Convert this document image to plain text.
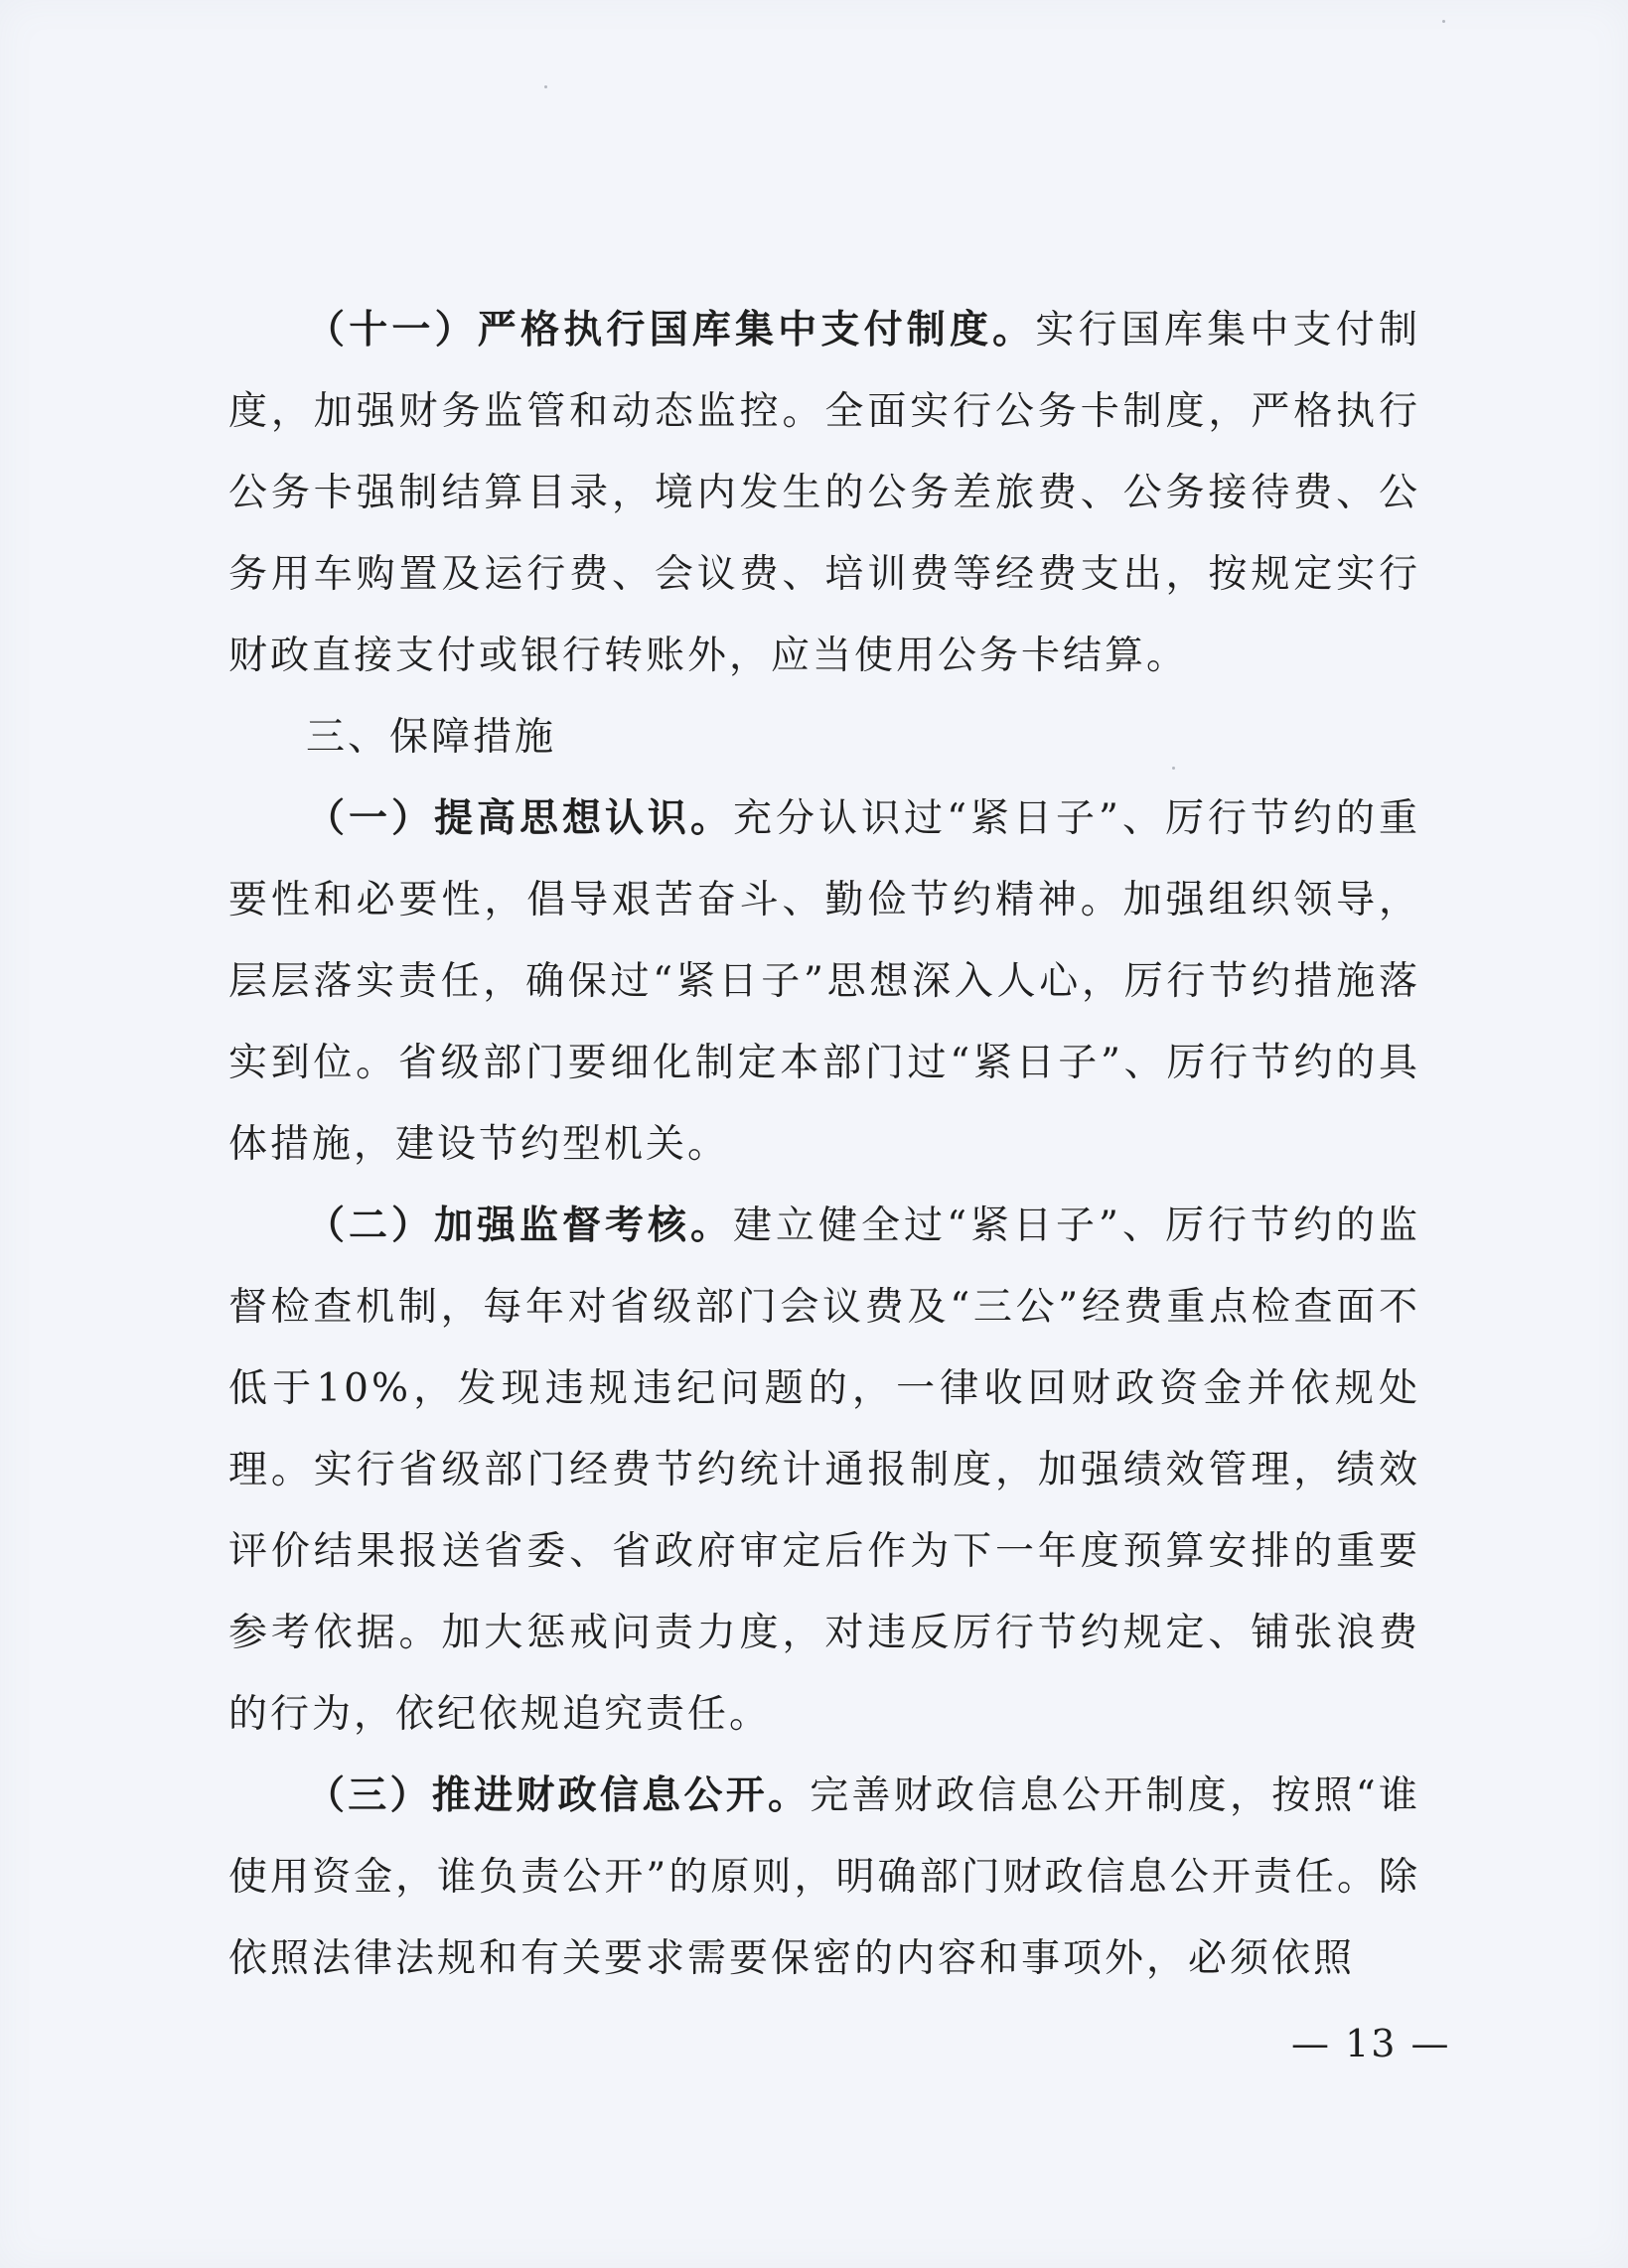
（十一）严格执行国库集中支付制度。实行国库集中支付制度，加强财务监管和动态监控。全面实行公务卡制度，严格执行公务卡强制结算目录，境内发生的公务差旅费、公务接待费、公务用车购置及运行费、会议费、培训费等经费支出，按规定实行财政直接支付或银行转账外，应当使用公务卡结算。

三、保障措施

（一）提高思想认识。充分认识过“紧日子”、厉行节约的重要性和必要性，倡导艰苦奋斗、勤俭节约精神。加强组织领导，层层落实责任，确保过“紧日子”思想深入人心，厉行节约措施落实到位。省级部门要细化制定本部门过“紧日子”、厉行节约的具体措施，建设节约型机关。

（二）加强监督考核。建立健全过“紧日子”、厉行节约的监督检查机制，每年对省级部门会议费及“三公”经费重点检查面不低于10%，发现违规违纪问题的，一律收回财政资金并依规处理。实行省级部门经费节约统计通报制度，加强绩效管理，绩效评价结果报送省委、省政府审定后作为下一年度预算安排的重要参考依据。加大惩戒问责力度，对违反厉行节约规定、铺张浪费的行为，依纪依规追究责任。

（三）推进财政信息公开。完善财政信息公开制度，按照“谁使用资金，谁负责公开”的原则，明确部门财政信息公开责任。除依照法律法规和有关要求需要保密的内容和事项外，必须依照

— 13 —
